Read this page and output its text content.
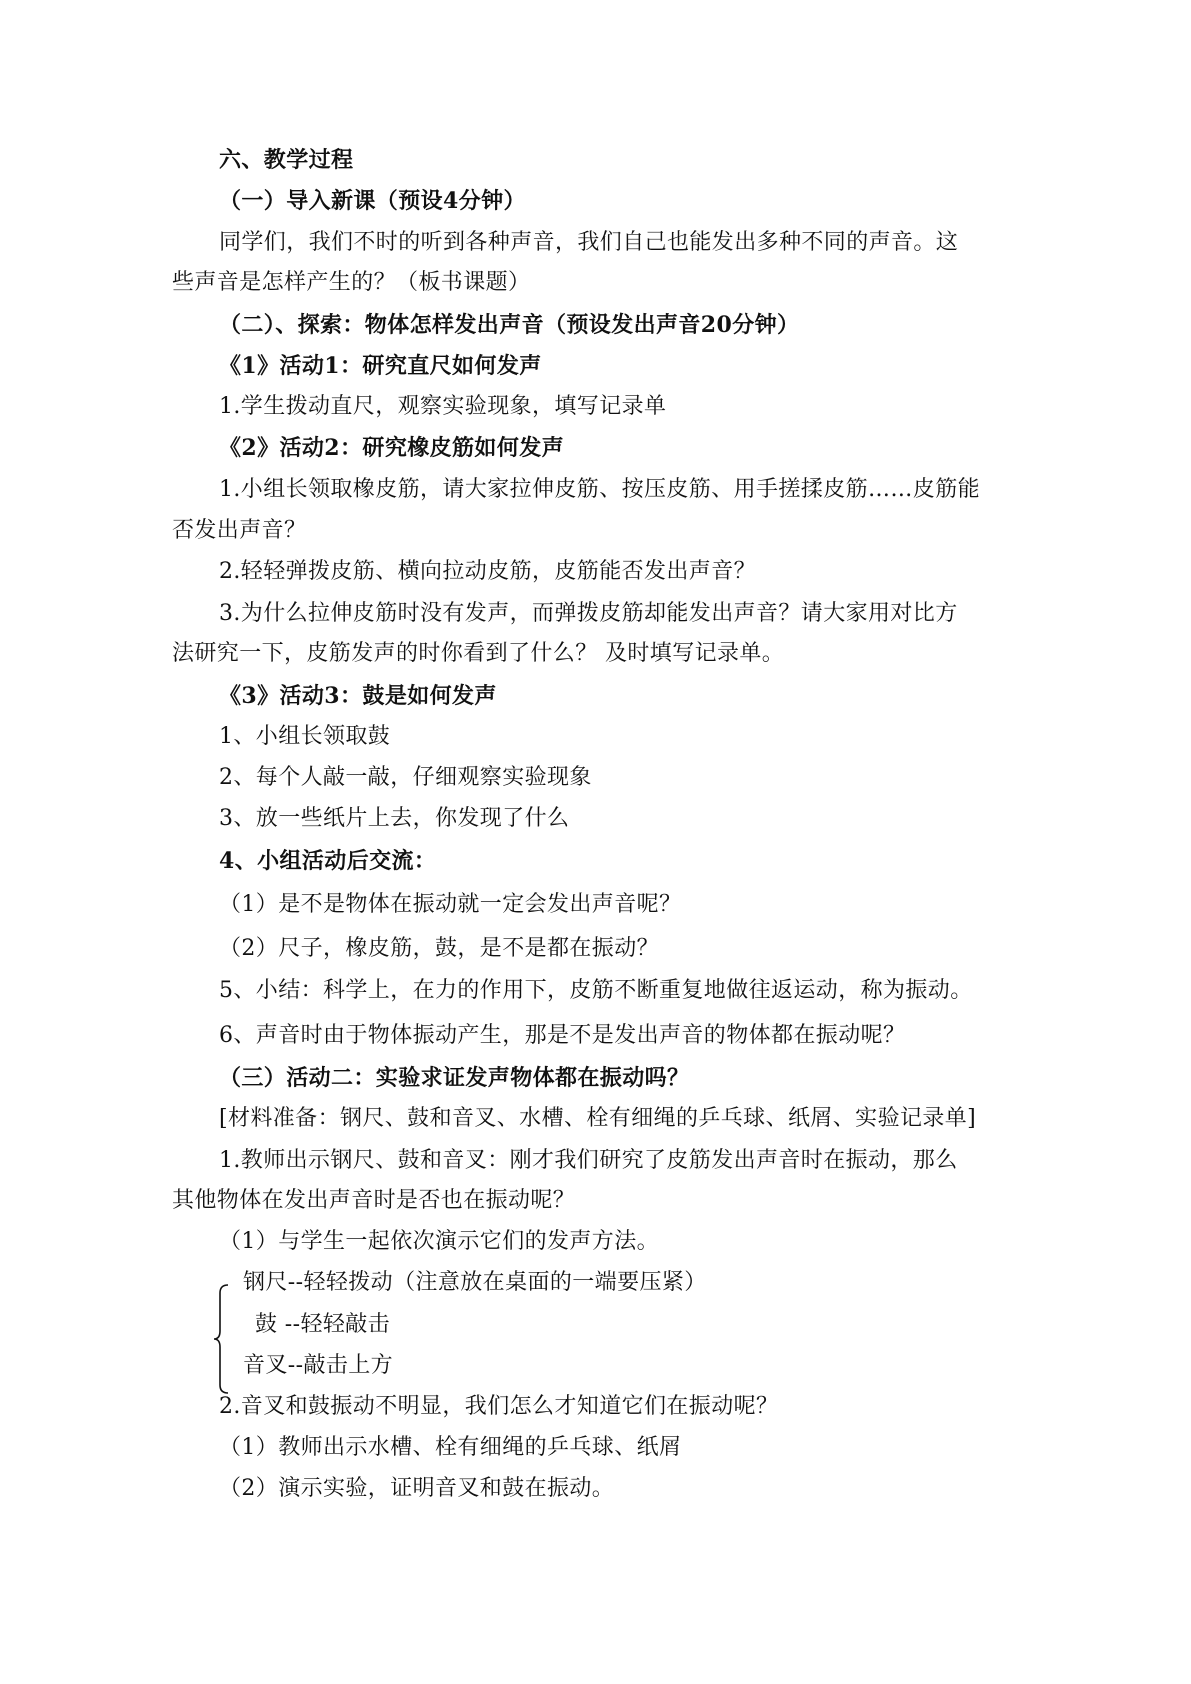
六、教学过程
（一）导入新课（预设4分钟）
同学们，我们不时的听到各种声音，我们自己也能发出多种不同的声音。这
些声音是怎样产生的？（板书课题）
（二）、探索：物体怎样发出声音（预设发出声音20分钟）
《1》活动1：研究直尺如何发声
1.学生拨动直尺，观察实验现象，填写记录单
《2》活动2：研究橡皮筋如何发声
1.小组长领取橡皮筋，请大家拉伸皮筋、按压皮筋、用手搓揉皮筋……皮筋能
否发出声音？
2.轻轻弹拨皮筋、横向拉动皮筋，皮筋能否发出声音？
3.为什么拉伸皮筋时没有发声，而弹拨皮筋却能发出声音？请大家用对比方
法研究一下，皮筋发声的时你看到了什么？ 及时填写记录单。
《3》活动3：鼓是如何发声
1、小组长领取鼓
2、每个人敲一敲，仔细观察实验现象
3、放一些纸片上去，你发现了什么
4、小组活动后交流：
（1）是不是物体在振动就一定会发出声音呢？
（2）尺子，橡皮筋，鼓，是不是都在振动？
5、小结：科学上，在力的作用下，皮筋不断重复地做往返运动，称为振动。
6、声音时由于物体振动产生，那是不是发出声音的物体都在振动呢？
（三）活动二：实验求证发声物体都在振动吗？
[材料准备：钢尺、鼓和音叉、水槽、栓有细绳的乒乓球、纸屑、实验记录单]
1.教师出示钢尺、鼓和音叉：刚才我们研究了皮筋发出声音时在振动，那么
其他物体在发出声音时是否也在振动呢？
（1）与学生一起依次演示它们的发声方法。
钢尺--轻轻拨动（注意放在桌面的一端要压紧）
鼓 --轻轻敲击
音叉--敲击上方
2.音叉和鼓振动不明显，我们怎么才知道它们在振动呢？
（1）教师出示水槽、栓有细绳的乒乓球、纸屑
（2）演示实验，证明音叉和鼓在振动。
